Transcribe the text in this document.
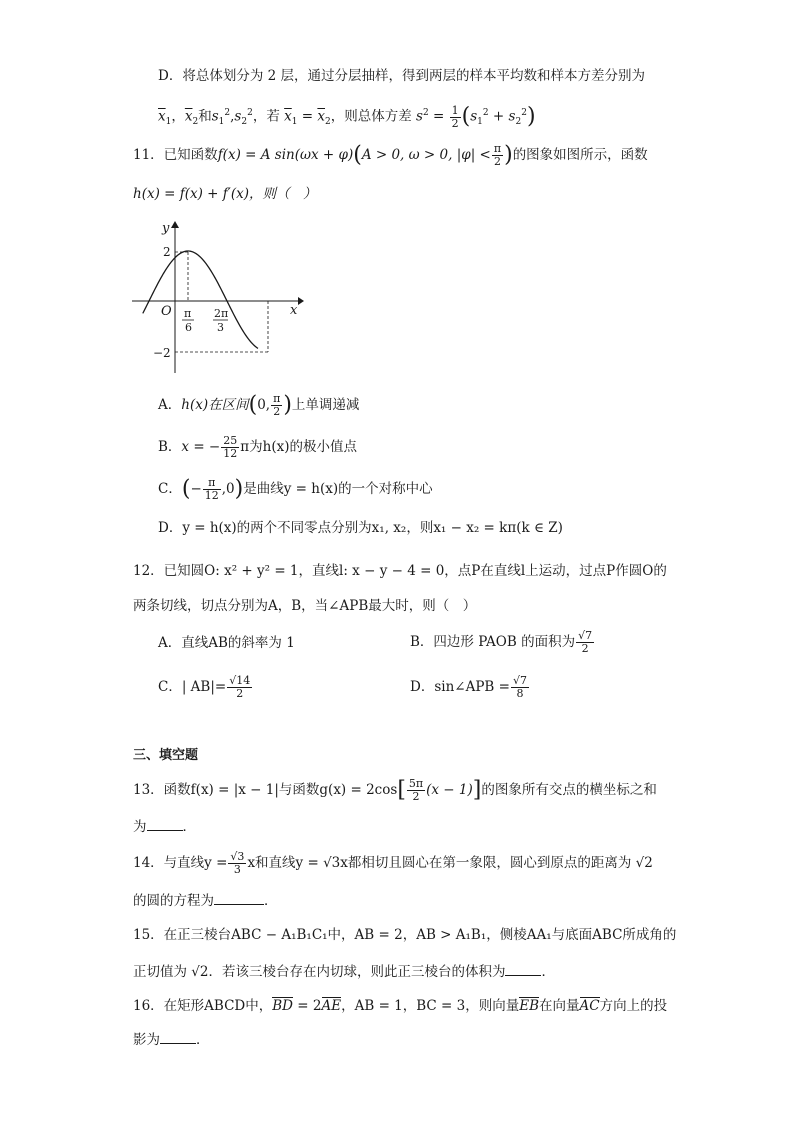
D．将总体划分为 2 层，通过分层抽样，得到两层的样本平均数和样本方差分别为
$\overline{x}_1$，$\overline{x}_2$和$s_1^2,s_2^2$，若 $\overline{x}_1 = \overline{x}_2$，则总体方差 $s^2 = \frac{1}{2} (s_1^2 + s_2^2)$
11．已知函数f(x) = A sin(ωx + φ)(A > 0, ω > 0, $|\varphi| < \frac{\pi}{2}$ )的图象如图所示，函数
h(x) = f(x) + f′(x)，则（　）
y
x
O
2
−2
π
6
2π
3
A．h(x)在区间(0, $\frac{\pi}{2}$ )上单调递减
B．x = − $\frac{25}{12}$ π为h(x)的极小值点
C．(− $\frac{\pi}{12} ,0$)是曲线y = h(x)的一个对称中心
D．y = h(x)的两个不同零点分别为x₁, x₂，则x₁ − x₂ = kπ(k ∈ Z)
12．已知圆O: x² + y² = 1，直线l: x − y − 4 = 0，点P在直线l上运动，过点P作圆O的
两条切线，切点分别为A，B，当∠APB最大时，则（　）
A．直线AB的斜率为 1	B．四边形 PAOB 的面积为 $\frac{√7}{2}$
C．| $AB|= \frac{√14}{2}$	D．sin∠APB = $\frac{√7}{8}$
三、填空题
13．函数f(x) = |x − 1|与函数$g(x) = 2\cos[ \frac{5\pi}{2} (x - 1)]$的图象所有交点的横坐标之和
为	．
14．与直线$y = \frac{√3}{3}$ x和直线y = √3x都相切且圆心在第一象限，圆心到原点的距离为 √2
的圆的方程为	．
15．在正三棱台ABC − A₁B₁C₁中，AB = 2，AB > A₁B₁，侧棱AA₁与底面ABC所成角的
正切值为 √2．若该三棱台存在内切球，则此正三棱台的体积为	．
16．在矩形ABCD中，BD = 2AE，AB = 1，BC = 3，则向量EB在向量AC方向上的投
影为	．
